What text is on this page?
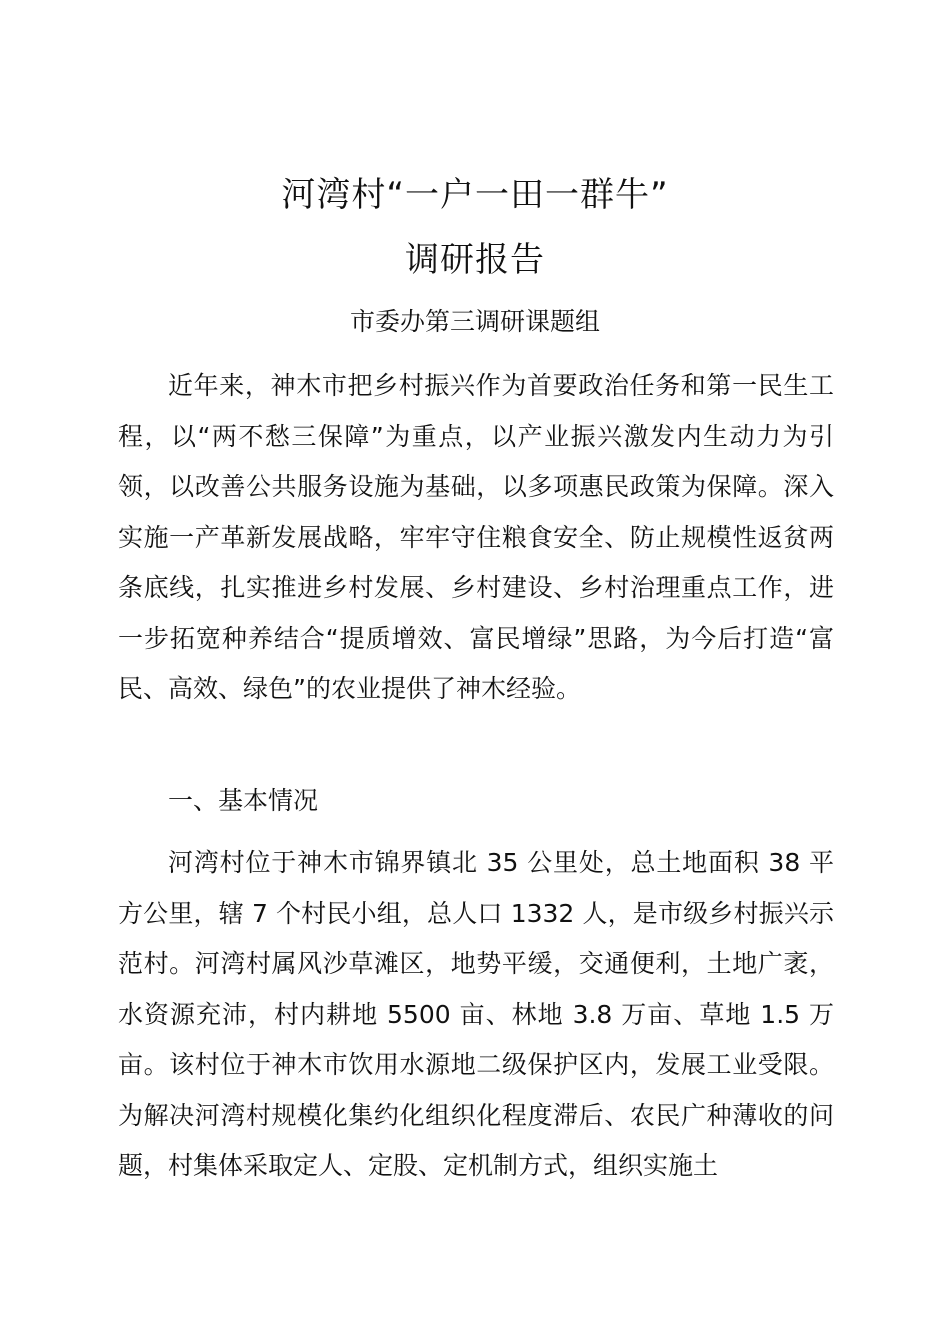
河湾村“一户一田一群牛”
调研报告
市委办第三调研课题组

近年来，神木市把乡村振兴作为首要政治任务和第一民生工程，以“两不愁三保障”为重点，以产业振兴激发内生动力为引领，以改善公共服务设施为基础，以多项惠民政策为保障。深入实施一产革新发展战略，牢牢守住粮食安全、防止规模性返贫两条底线，扎实推进乡村发展、乡村建设、乡村治理重点工作，进一步拓宽种养结合“提质增效、富民增绿”思路，为今后打造“富民、高效、绿色”的农业提供了神木经验。

一、基本情况

河湾村位于神木市锦界镇北 35 公里处，总土地面积 38 平方公里，辖 7 个村民小组，总人口 1332 人，是市级乡村振兴示范村。河湾村属风沙草滩区，地势平缓，交通便利，土地广袤，水资源充沛，村内耕地 5500 亩、林地 3.8 万亩、草地 1.5 万亩。该村位于神木市饮用水源地二级保护区内，发展工业受限。为解决河湾村规模化集约化组织化程度滞后、农民广种薄收的问题，村集体采取定人、定股、定机制方式，组织实施土
